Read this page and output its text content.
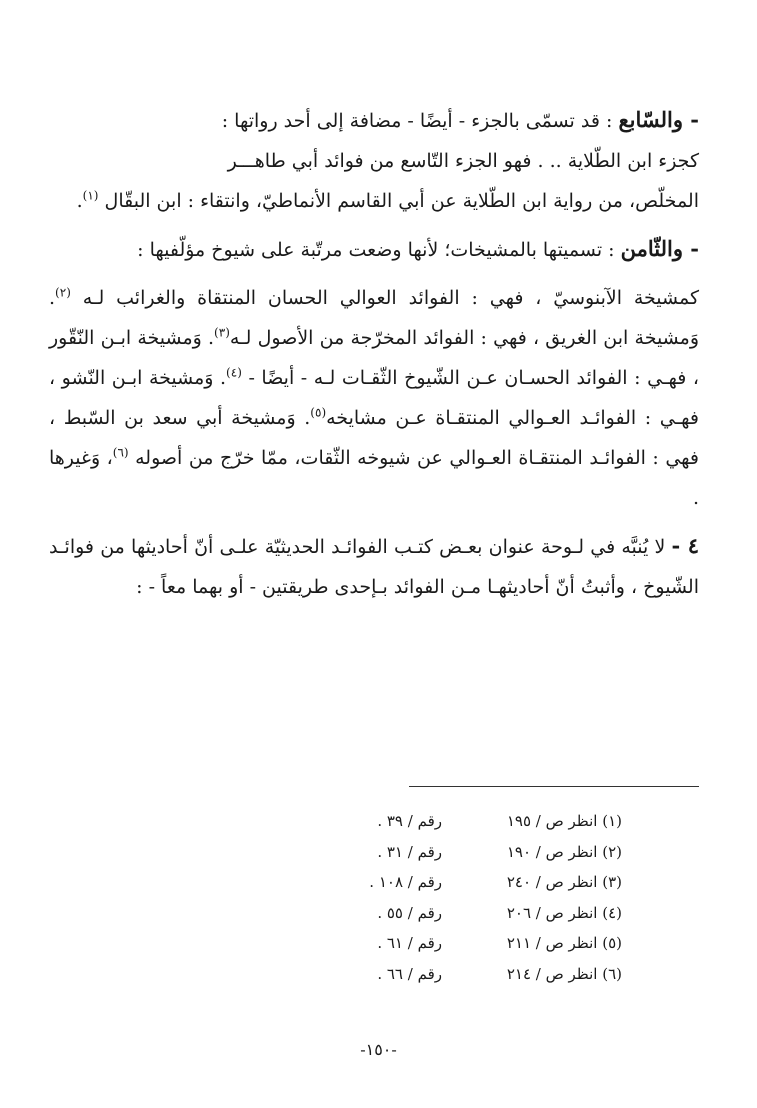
- والسّابع : قد تسمّى بالجزء - أيضًا - مضافة إلى أحد رواتها :

كجزء ابن الطّلاية .. . فهو الجزء التّاسع من فوائد أبي طاهـــر
المخلّص، من رواية ابن الطّلاية عن أبي القاسم الأنماطيّ، وانتقاء : ابن البقّال $^{(١)}$.

- والثّامن : تسميتها بالمشيخات؛ لأنها وضعت مرتّبة على شيوخ مؤلّفيها :

كمشيخة الآبنوسيّ ، فهي : الفوائد العوالي الحسان المنتقاة والغرائب لـه $^{(٢)}$. وَمشيخة ابن الغريق ، فهي : الفوائد المخرّجة من الأصول لـه$^{(٣)}$. وَمشيخة ابـن النّقّور ، فهـي : الفوائد الحسـان عـن الشّيوخ الثّقـات لـه - أيضًا - $^{(٤)}$. وَمشيخة ابـن النّشو ، فهـي : الفوائـد العـوالي المنتقـاة عـن مشايخه$^{(٥)}$. وَمشيخة أبي سعد بن السّبط ، فهي : الفوائـد المنتقـاة العـوالي عن شيوخه الثّقات، ممّا خرّج من أصوله $^{(٦)}$، وَغيرها .

٤ - لا يُنبَّه في لـوحة عنوان بعـض كتـب الفوائـد الحديثيّة علـى أنّ أحاديثها من فوائـد الشّيوخ ، وأثبتُ أنّ أحاديثهـا مـن الفوائد بـإحدى طريقتين - أو بهما معاً - :

(١) انظر ص / ١٩٥
رقم / ٣٩ .
(٢) انظر ص / ١٩٠
رقم / ٣١ .
(٣) انظر ص / ٢٤٠
رقم / ١٠٨ .
(٤) انظر ص / ٢٠٦
رقم / ٥٥ .
(٥) انظر ص / ٢١١
رقم / ٦١ .
(٦) انظر ص / ٢١٤
رقم / ٦٦ .
-١٥٠-
